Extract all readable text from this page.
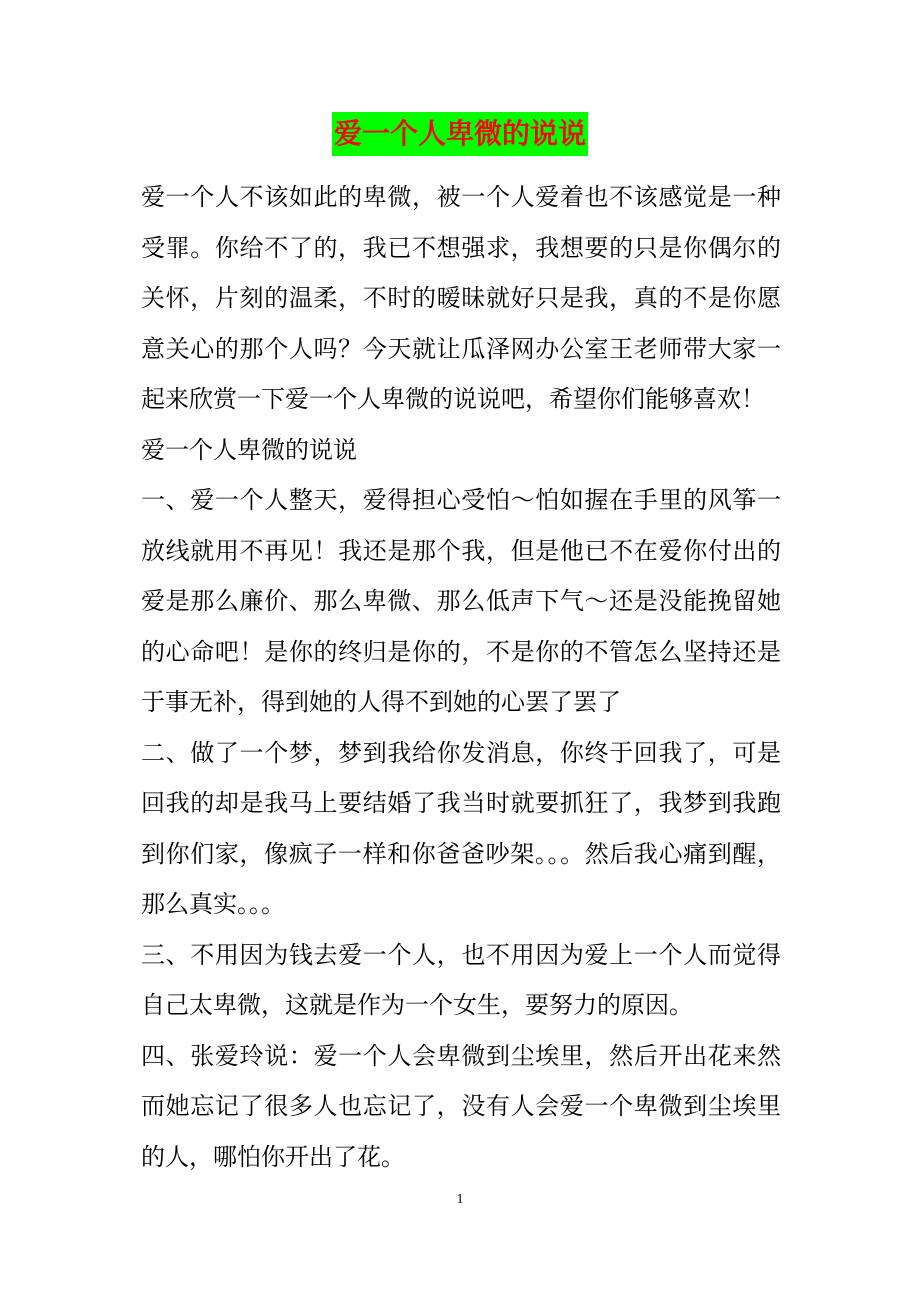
爱一个人卑微的说说

爱一个人不该如此的卑微，被一个人爱着也不该感觉是一种受罪。你给不了的，我已不想强求，我想要的只是你偶尔的关怀，片刻的温柔，不时的暧昧就好只是我，真的不是你愿意关心的那个人吗？今天就让瓜泽网办公室王老师带大家一起来欣赏一下爱一个人卑微的说说吧，希望你们能够喜欢！

爱一个人卑微的说说

一、爱一个人整天，爱得担心受怕～怕如握在手里的风筝一放线就用不再见！我还是那个我，但是他已不在爱你付出的爱是那么廉价、那么卑微、那么低声下气～还是没能挽留她的心命吧！是你的终归是你的，不是你的不管怎么坚持还是于事无补，得到她的人得不到她的心罢了罢了

二、做了一个梦，梦到我给你发消息，你终于回我了，可是回我的却是我马上要结婚了我当时就要抓狂了，我梦到我跑到你们家，像疯子一样和你爸爸吵架。。。然后我心痛到醒，那么真实。。。

三、不用因为钱去爱一个人，也不用因为爱上一个人而觉得自己太卑微，这就是作为一个女生，要努力的原因。

四、张爱玲说：爱一个人会卑微到尘埃里，然后开出花来然而她忘记了很多人也忘记了，没有人会爱一个卑微到尘埃里的人，哪怕你开出了花。

1
